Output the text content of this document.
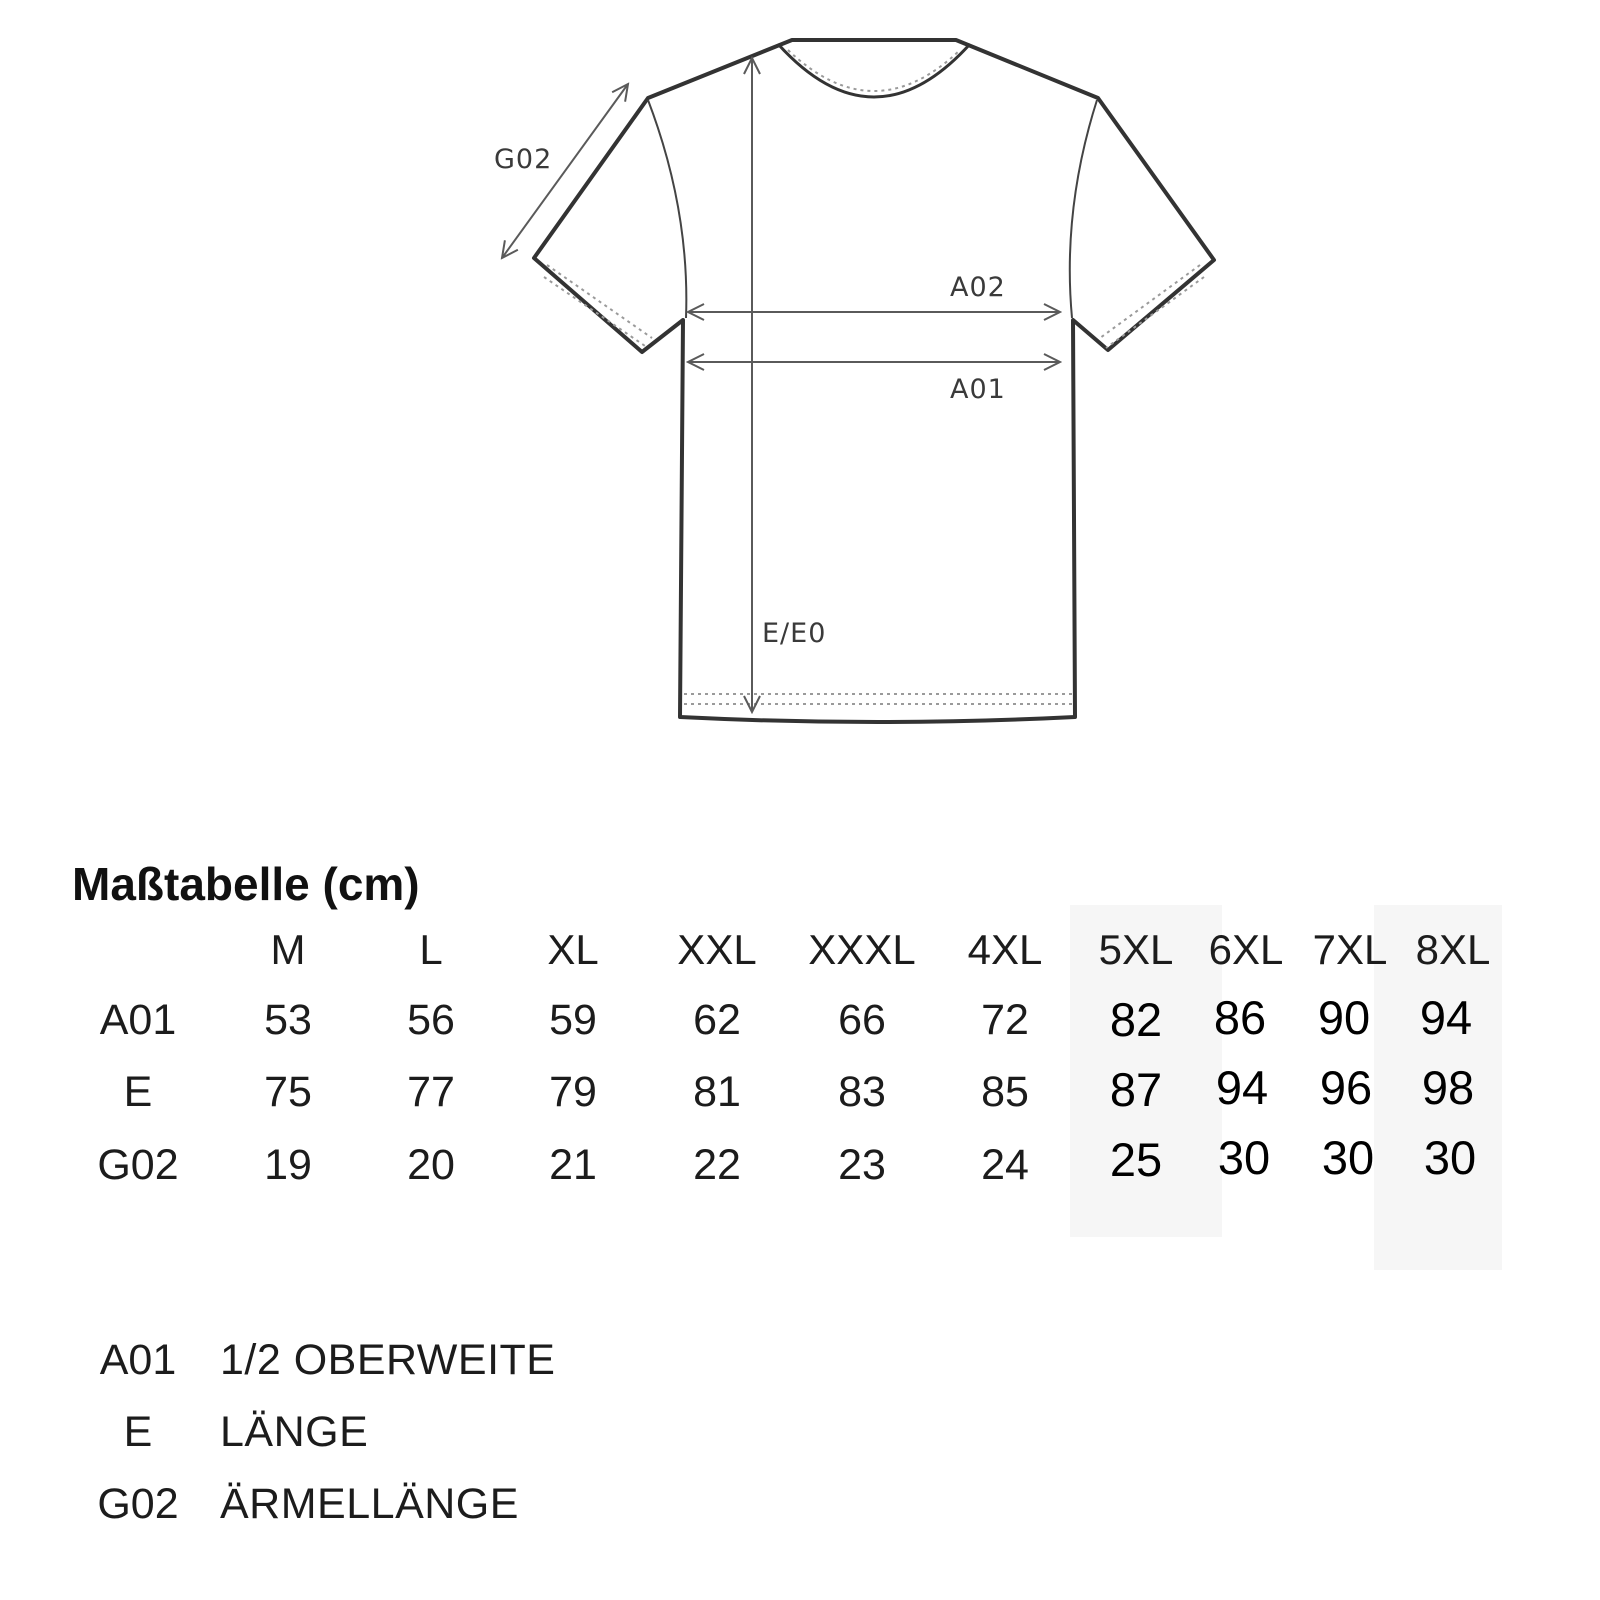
G02
A02
A01
E/E0
Maßtabelle (cm)
M	L XL XXL XXXL 4XL 5XL 6XL 7XL 8XL
A01 53 56 59 62 66 72 82 86 90 94
E	75 77 79 81 83 85 87 94 96 98
G02 19 20 21 22 23 24 25 30 30 30
A01 1/2 OBERWEITE
E LÄNGE
G02 ÄRMELLÄNGE
